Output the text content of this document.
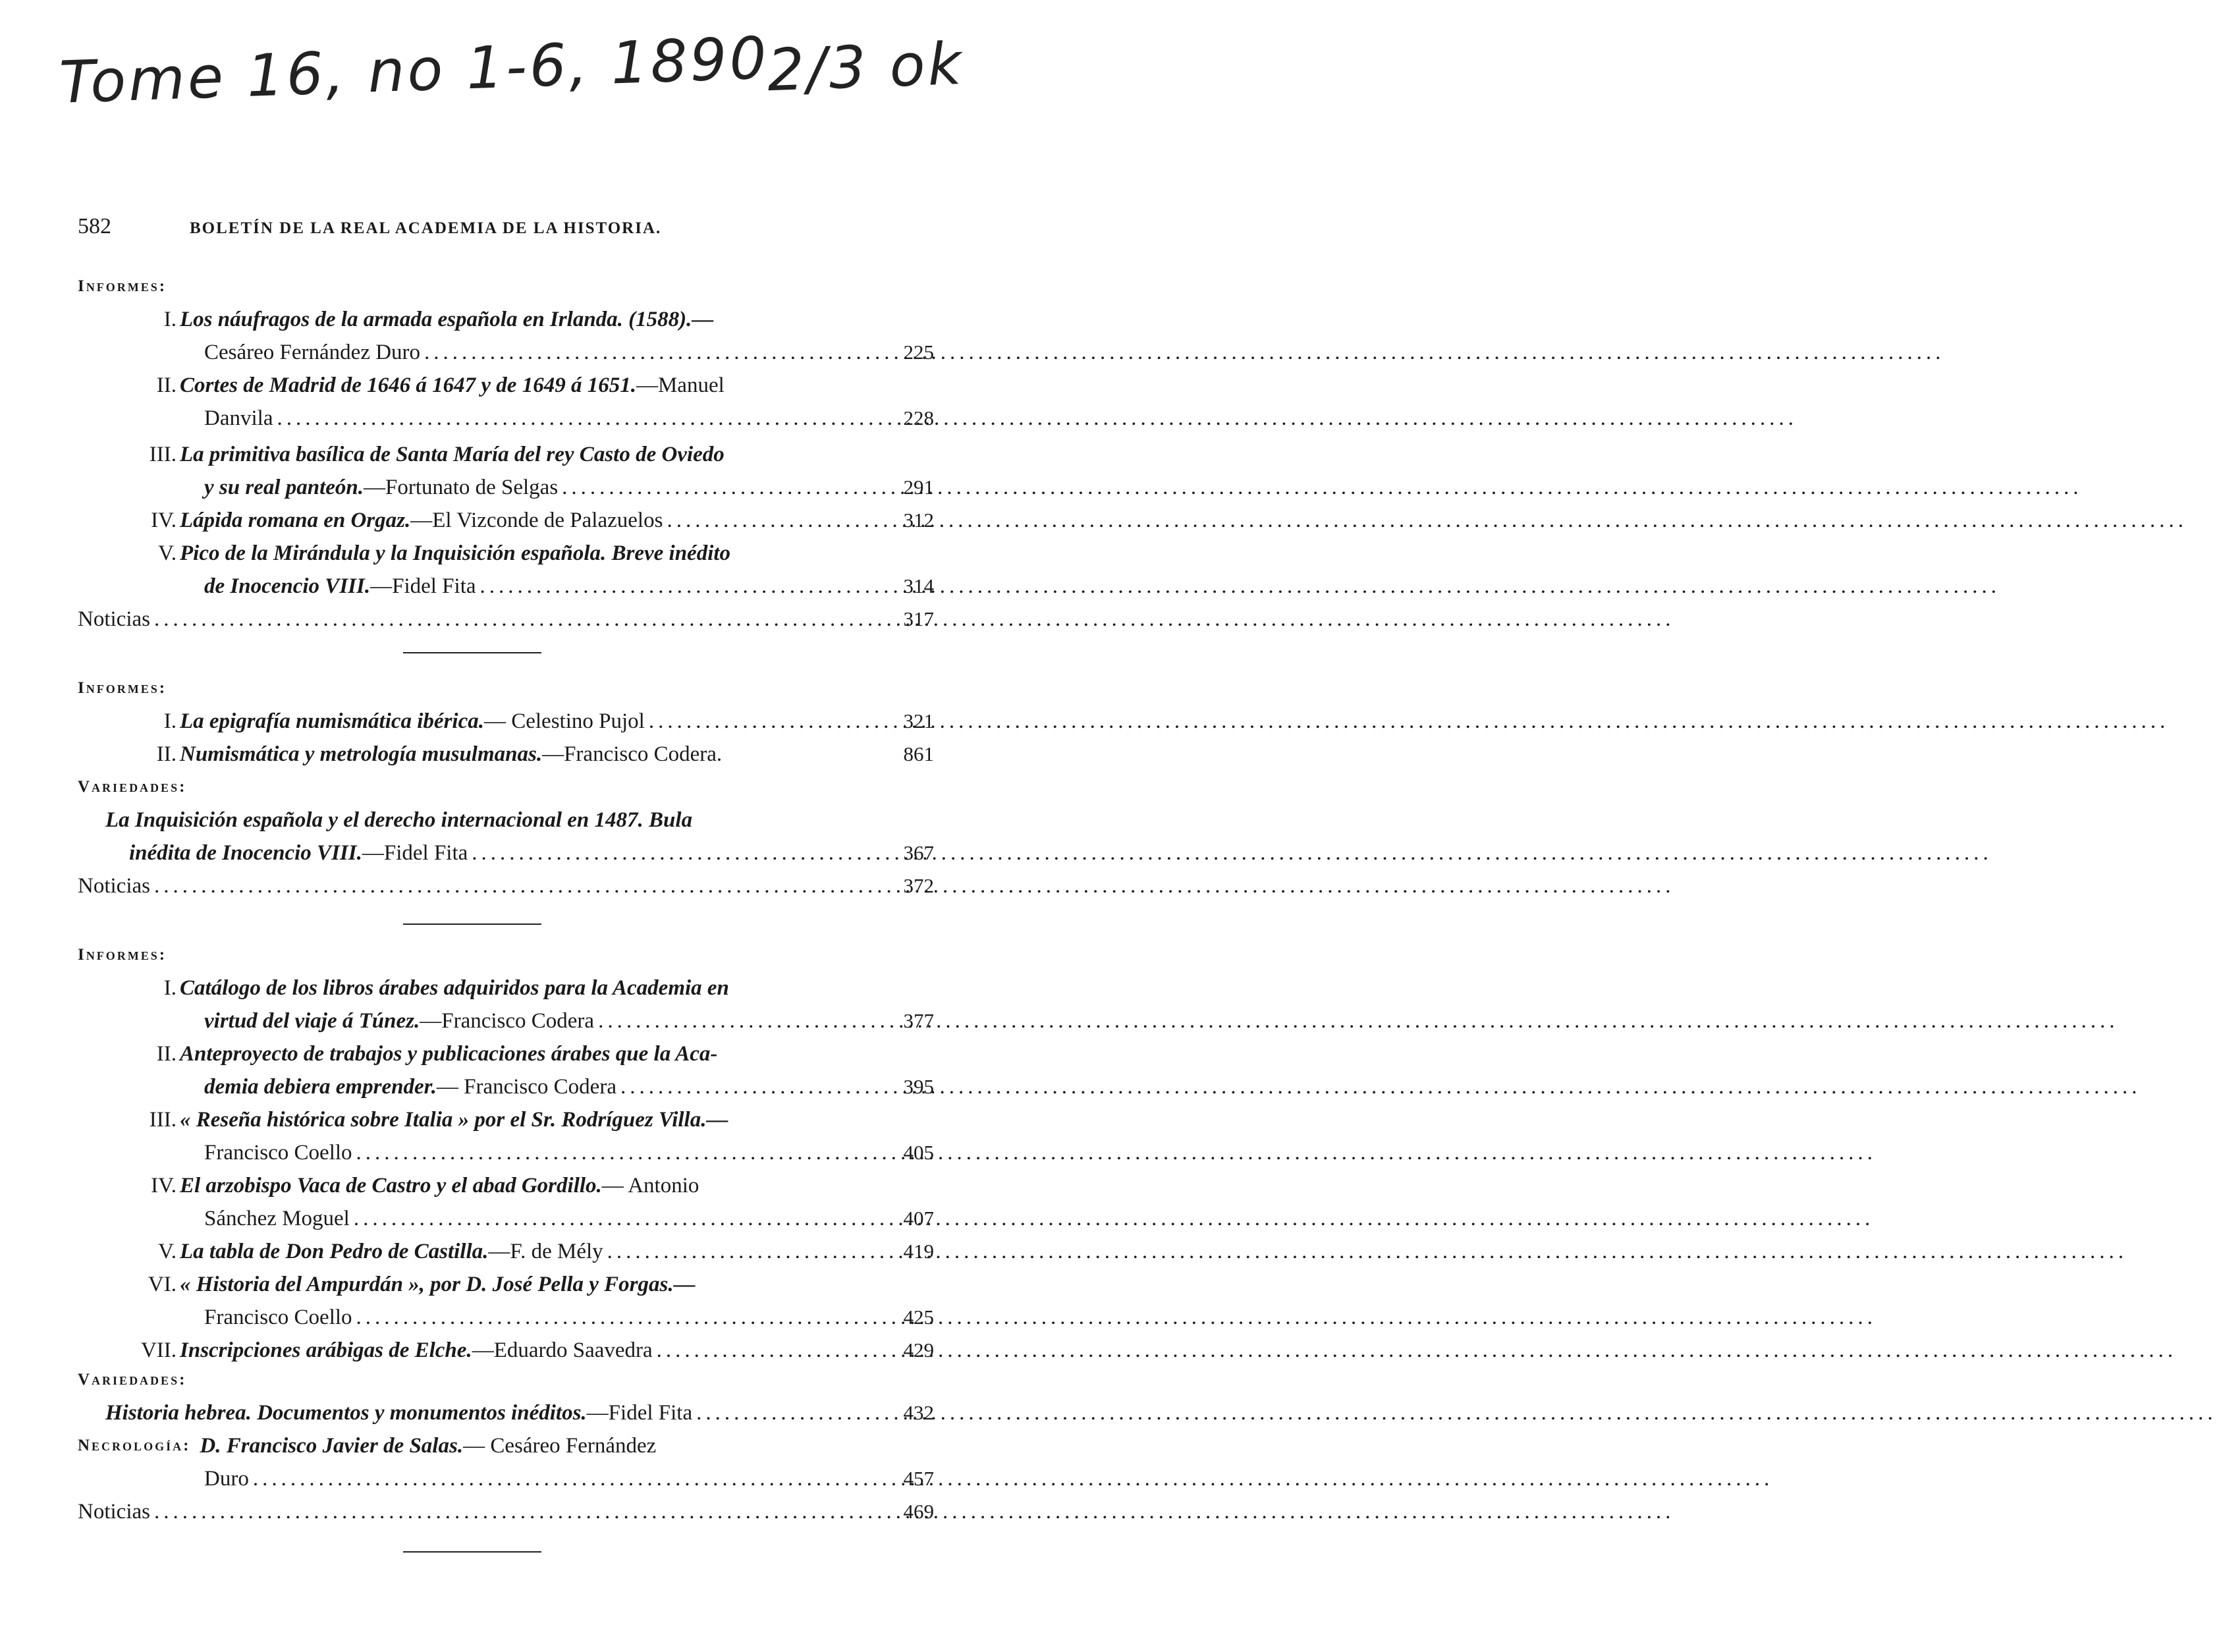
Tome 16, no 1-6, 1890
2/3 ok
582	BOLETÍN DE LA REAL ACADEMIA DE LA HISTORIA.
Informes:
I. Los náufragos de la armada española en Irlanda. (1588).—
Cesáreo Fernández Duro .....	225
II. Cortes de Madrid de 1646 á 1647 y de 1649 á 1651. —Manuel
Danvila .....	228
III. La primitiva basílica de Santa María del rey Casto de Oviedo
y su real panteón. —Fortunato de Selgas .....	291
IV. Lápida romana en Orgaz. —El Vizconde de Palazuelos .....	312
V. Pico de la Mirándula y la Inquisición española. Breve inédito
de Inocencio VIII. —Fidel Fita .....	314
Noticias .....	317
Informes:
I. La epigrafía numismática ibérica. — Celestino Pujol .....	321
II. Numismática y metrología musulmanas. —Francisco Codera.	861
Variedades:
La Inquisición española y el derecho internacional en 1487. Bula
inédita de Inocencio VIII. —Fidel Fita .....	367
Noticias .....	372
Informes:
I. Catálogo de los libros árabes adquiridos para la Academia en
virtud del viaje á Túnez. —Francisco Codera .....	377
II. Anteproyecto de trabajos y publicaciones árabes que la Aca-
demia debiera emprender. — Francisco Codera .....	395
III. « Reseña histórica sobre Italia » por el Sr. Rodríguez Villa.—
Francisco Coello .....	405
IV. El arzobispo Vaca de Castro y el abad Gordillo. — Antonio
Sánchez Moguel .....	407
V. La tabla de Don Pedro de Castilla. —F. de Mély .....	419
VI. « Historia del Ampurdán », por D. José Pella y Forgas.—
Francisco Coello .....	425
VII. Inscripciones arábigas de Elche. —Eduardo Saavedra .....	429
Variedades:
Historia hebrea. Documentos y monumentos inéditos. —Fidel Fita .....	432
Necrología: D. Francisco Javier de Salas. — Cesáreo Fernández
Duro .....	457
Noticias .....	469
